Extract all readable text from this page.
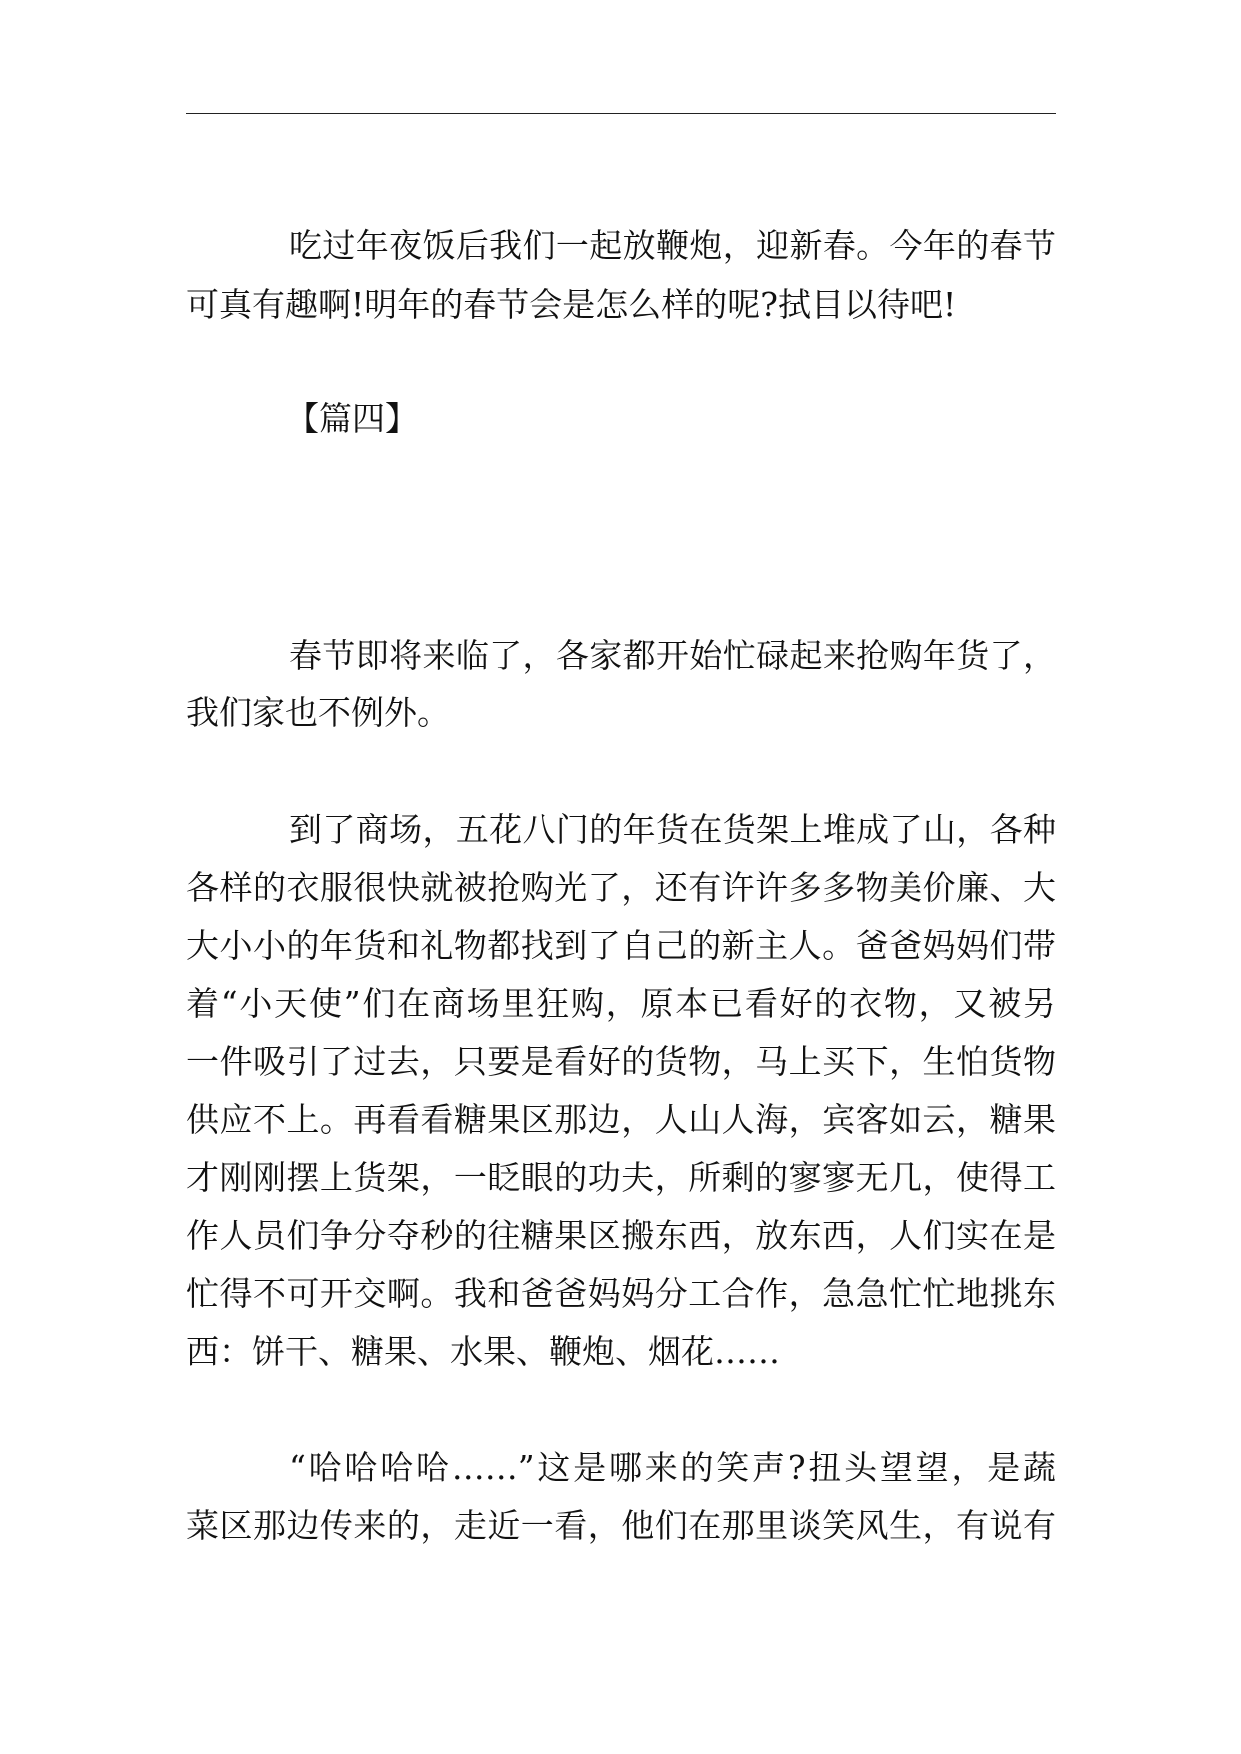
吃过年夜饭后我们一起放鞭炮，迎新春。今年的春节
可真有趣啊!明年的春节会是怎么样的呢?拭目以待吧!
【篇四】
春节即将来临了，各家都开始忙碌起来抢购年货了，
我们家也不例外。
到了商场，五花八门的年货在货架上堆成了山，各种
各样的衣服很快就被抢购光了，还有许许多多物美价廉、大
大小小的年货和礼物都找到了自己的新主人。爸爸妈妈们带
着“小天使”们在商场里狂购，原本已看好的衣物，又被另
一件吸引了过去，只要是看好的货物，马上买下，生怕货物
供应不上。再看看糖果区那边，人山人海，宾客如云，糖果
才刚刚摆上货架，一眨眼的功夫，所剩的寥寥无几，使得工
作人员们争分夺秒的往糖果区搬东西，放东西，人们实在是
忙得不可开交啊。我和爸爸妈妈分工合作，急急忙忙地挑东
西：饼干、糖果、水果、鞭炮、烟花……
“哈哈哈哈……”这是哪来的笑声?扭头望望，是蔬
菜区那边传来的，走近一看，他们在那里谈笑风生，有说有
